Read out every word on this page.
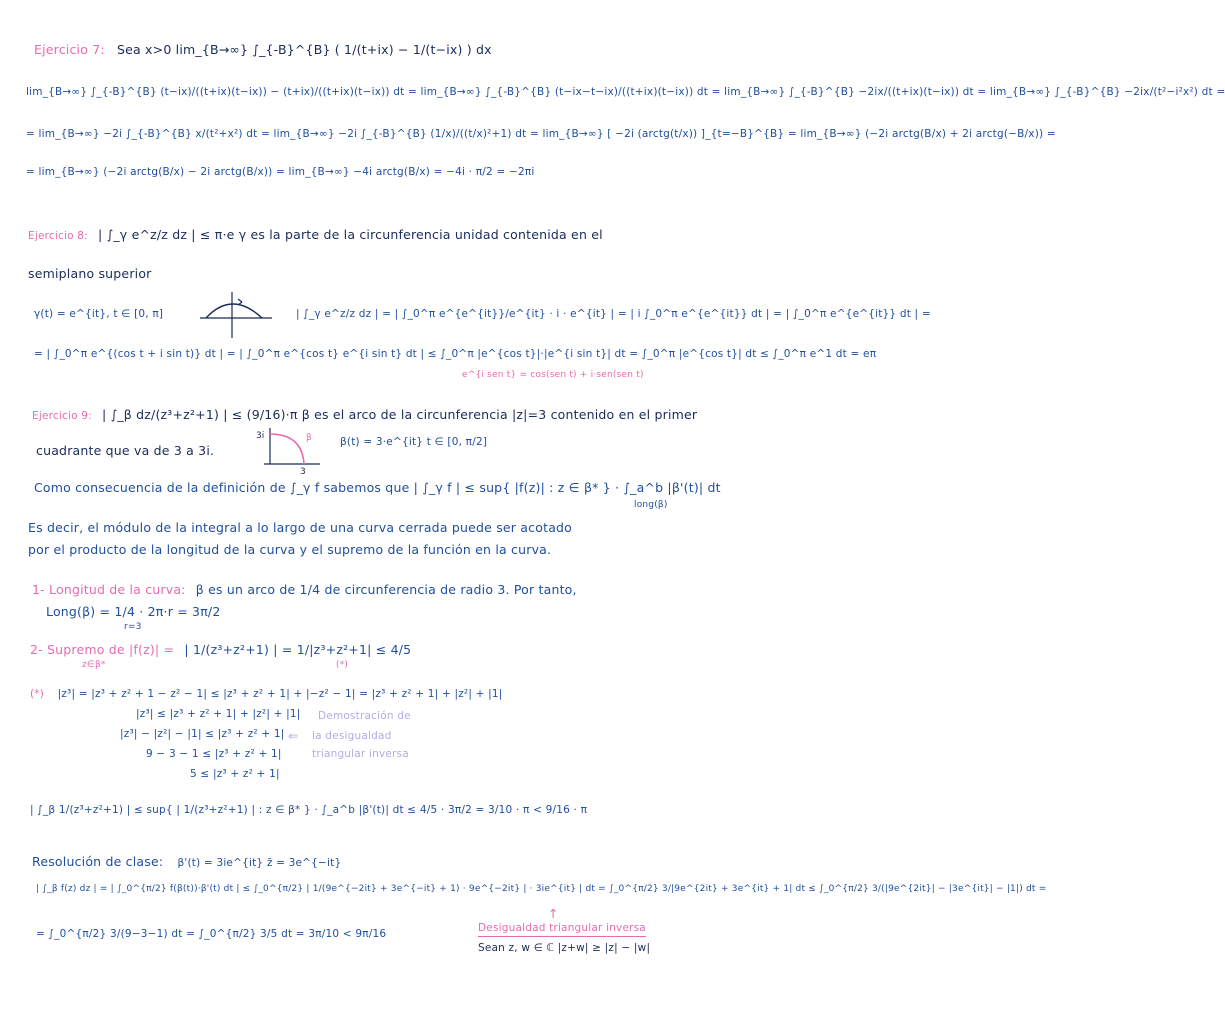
Ejercicio 7: Sea x>0 lim_{B→∞} ∫_{-B}^{B} ( 1/(t+ix) − 1/(t−ix) ) dx
lim_{B→∞} ∫_{-B}^{B} (t−ix)/((t+ix)(t−ix)) − (t+ix)/((t+ix)(t−ix)) dt = lim_{B→∞} ∫_{-B}^{B} (t−ix−t−ix)/((t+ix)(t−ix)) dt = lim_{B→∞} ∫_{-B}^{B} −2ix/((t+ix)(t−ix)) dt = lim_{B→∞} ∫_{-B}^{B} −2ix/(t²−i²x²) dt =
= lim_{B→∞} −2i ∫_{-B}^{B} x/(t²+x²) dt = lim_{B→∞} −2i ∫_{-B}^{B} (1/x)/((t/x)²+1) dt = lim_{B→∞} [ −2i (arctg(t/x)) ]_{t=−B}^{B} = lim_{B→∞} (−2i arctg(B/x) + 2i arctg(−B/x)) =
= lim_{B→∞} (−2i arctg(B/x) − 2i arctg(B/x)) = lim_{B→∞} −4i arctg(B/x) = −4i · π/2 = −2πi
Ejercicio 8: | ∫_γ e^z/z dz | ≤ π·e γ es la parte de la circunferencia unidad contenida en el
semiplano superior
γ(t) = e^{it}, t ∈ [0, π]	| ∫_γ e^z/z dz | = | ∫_0^π e^{e^{it}}/e^{it} · i · e^{it} | = | i ∫_0^π e^{e^{it}} dt | = | ∫_0^π e^{e^{it}} dt | =
= | ∫_0^π e^{(cos t + i sin t)} dt | = | ∫_0^π e^{cos t} e^{i sin t} dt | ≤ ∫_0^π |e^{cos t}|·|e^{i sin t}| dt = ∫_0^π |e^{cos t}| dt ≤ ∫_0^π e^1 dt = eπ
e^{i sen t} = cos(sen t) + i·sen(sen t)
Ejercicio 9: | ∫_β dz/(z³+z²+1) | ≤ (9/16)·π β es el arco de la circunferencia |z|=3 contenido en el primer
cuadrante que va de 3 a 3i.
3i
3
β	β(t) = 3·e^{it} t ∈ [0, π/2]
Como consecuencia de la definición de ∫_γ f sabemos que | ∫_γ f | ≤ sup{ |f(z)| : z ∈ β* } · ∫_a^b |β'(t)| dt
long(β)
Es decir, el módulo de la integral a lo largo de una curva cerrada puede ser acotado
por el producto de la longitud de la curva y el supremo de la función en la curva.
1- Longitud de la curva: β es un arco de 1/4 de circunferencia de radio 3. Por tanto,
Long(β) = 1/4 · 2π·r = 3π/2
r=3
2- Supremo de |f(z)| = | 1/(z³+z²+1) | = 1/|z³+z²+1| ≤ 4/5
z∈β*	(*)
(*) |z³| = |z³ + z² + 1 − z² − 1| ≤ |z³ + z² + 1| + |−z² − 1| = |z³ + z² + 1| + |z²| + |1|
|z³| ≤ |z³ + z² + 1| + |z²| + |1|
|z³| − |z²| − |1| ≤ |z³ + z² + 1|
9 − 3 − 1 ≤ |z³ + z² + 1|
5 ≤ |z³ + z² + 1|
Demostración de
⇐ la desigualdad
triangular inversa
| ∫_β 1/(z³+z²+1) | ≤ sup{ | 1/(z³+z²+1) | : z ∈ β* } · ∫_a^b |β'(t)| dt ≤ 4/5 · 3π/2 = 3/10 · π < 9/16 · π
Resolución de clase: β'(t) = 3ie^{it} z̄ = 3e^{−it}
| ∫_β f(z) dz | = | ∫_0^{π/2} f(β(t))·β'(t) dt | ≤ ∫_0^{π/2} | 1/(9e^{−2it} + 3e^{−it} + 1) · 9e^{−2it} | · 3ie^{it} | dt = ∫_0^{π/2} 3/|9e^{2it} + 3e^{it} + 1| dt ≤ ∫_0^{π/2} 3/(|9e^{2it}| − |3e^{it}| − |1|) dt =
= ∫_0^{π/2} 3/(9−3−1) dt = ∫_0^{π/2} 3/5 dt = 3π/10 < 9π/16
↑
Desigualdad triangular inversa
Sean z, w ∈ ℂ |z+w| ≥ |z| − |w|
